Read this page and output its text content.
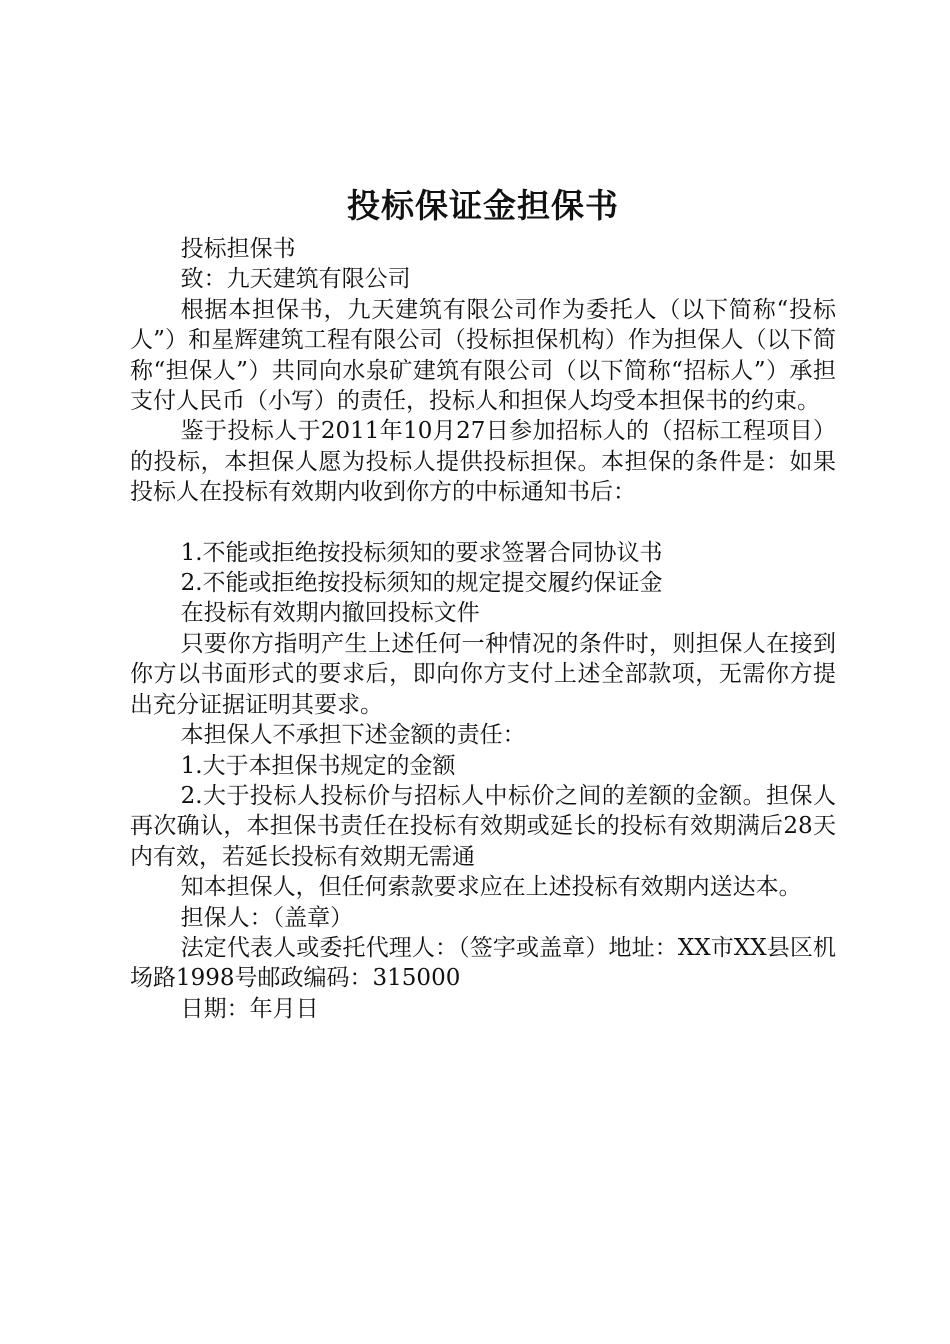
投标保证金担保书

投标担保书

致：九天建筑有限公司

根据本担保书，九天建筑有限公司作为委托人（以下简称“投标人”）和星辉建筑工程有限公司（投标担保机构）作为担保人（以下简称“担保人”）共同向水泉矿建筑有限公司（以下简称“招标人”）承担支付人民币（小写）的责任，投标人和担保人均受本担保书的约束。

鉴于投标人于2011年10月27日参加招标人的（招标工程项目）的投标，本担保人愿为投标人提供投标担保。本担保的条件是：如果投标人在投标有效期内收到你方的中标通知书后：

1.不能或拒绝按投标须知的要求签署合同协议书

2.不能或拒绝按投标须知的规定提交履约保证金

在投标有效期内撤回投标文件

只要你方指明产生上述任何一种情况的条件时，则担保人在接到你方以书面形式的要求后，即向你方支付上述全部款项，无需你方提出充分证据证明其要求。

本担保人不承担下述金额的责任：

1.大于本担保书规定的金额

2.大于投标人投标价与招标人中标价之间的差额的金额。担保人再次确认，本担保书责任在投标有效期或延长的投标有效期满后28天内有效，若延长投标有效期无需通

知本担保人，但任何索款要求应在上述投标有效期内送达本。

担保人：（盖章）

法定代表人或委托代理人：（签字或盖章）地址：XX市XX县区机场路1998号邮政编码：315000

日期：年月日
